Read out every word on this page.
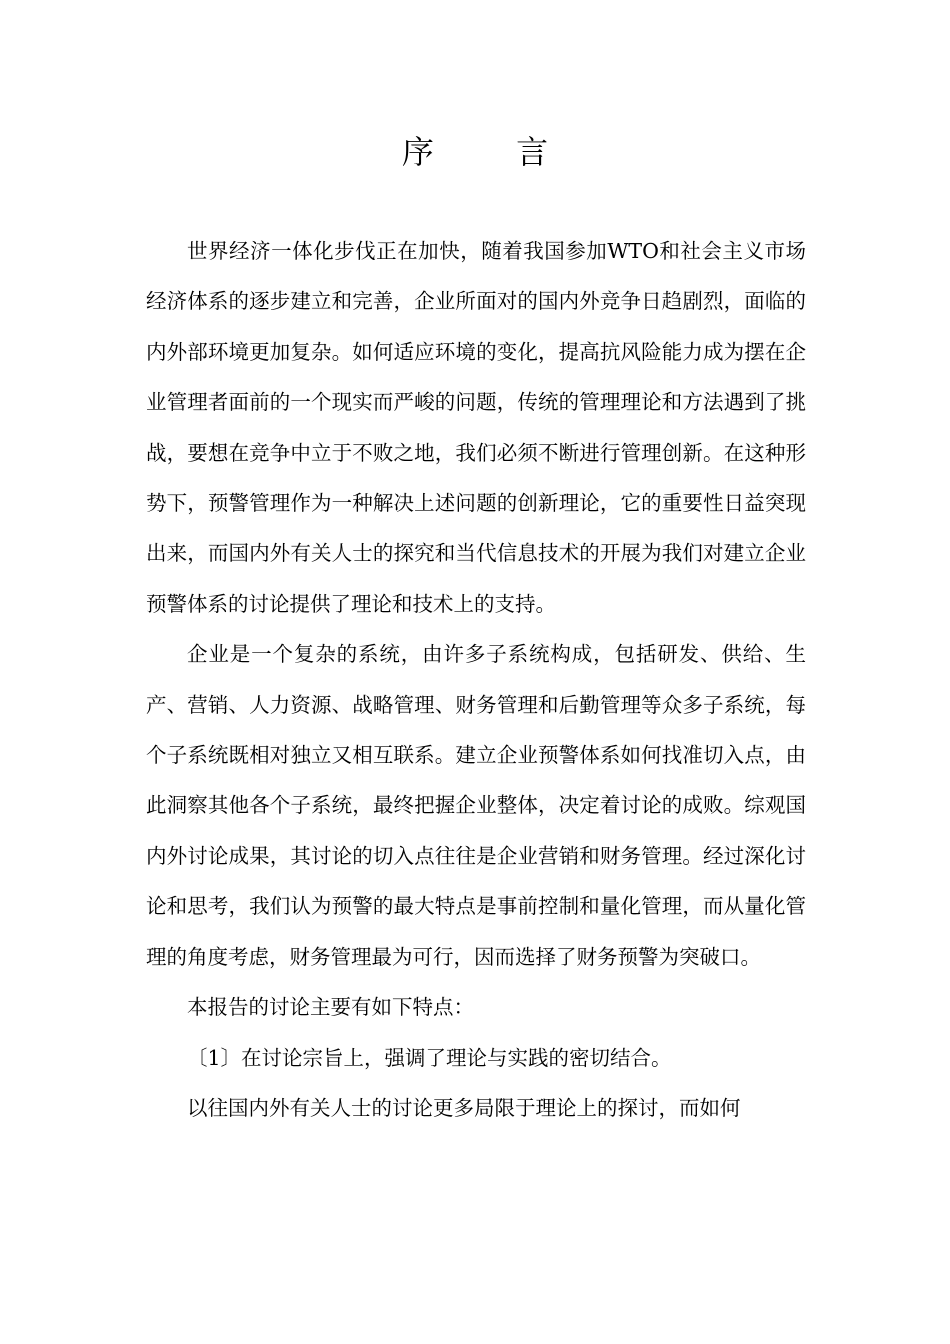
序 言

世界经济一体化步伐正在加快，随着我国参加WTO和社会主义市场经济体系的逐步建立和完善，企业所面对的国内外竞争日趋剧烈，面临的内外部环境更加复杂。如何适应环境的变化，提高抗风险能力成为摆在企业管理者面前的一个现实而严峻的问题，传统的管理理论和方法遇到了挑战，要想在竞争中立于不败之地，我们必须不断进行管理创新。在这种形势下，预警管理作为一种解决上述问题的创新理论，它的重要性日益突现出来，而国内外有关人士的探究和当代信息技术的开展为我们对建立企业预警体系的讨论提供了理论和技术上的支持。

企业是一个复杂的系统，由许多子系统构成，包括研发、供给、生产、营销、人力资源、战略管理、财务管理和后勤管理等众多子系统，每个子系统既相对独立又相互联系。建立企业预警体系如何找准切入点，由此洞察其他各个子系统，最终把握企业整体，决定着讨论的成败。综观国内外讨论成果，其讨论的切入点往往是企业营销和财务管理。经过深化讨论和思考，我们认为预警的最大特点是事前控制和量化管理，而从量化管理的角度考虑，财务管理最为可行，因而选择了财务预警为突破口。

本报告的讨论主要有如下特点：

〔1〕在讨论宗旨上，强调了理论与实践的密切结合。

以往国内外有关人士的讨论更多局限于理论上的探讨，而如何
